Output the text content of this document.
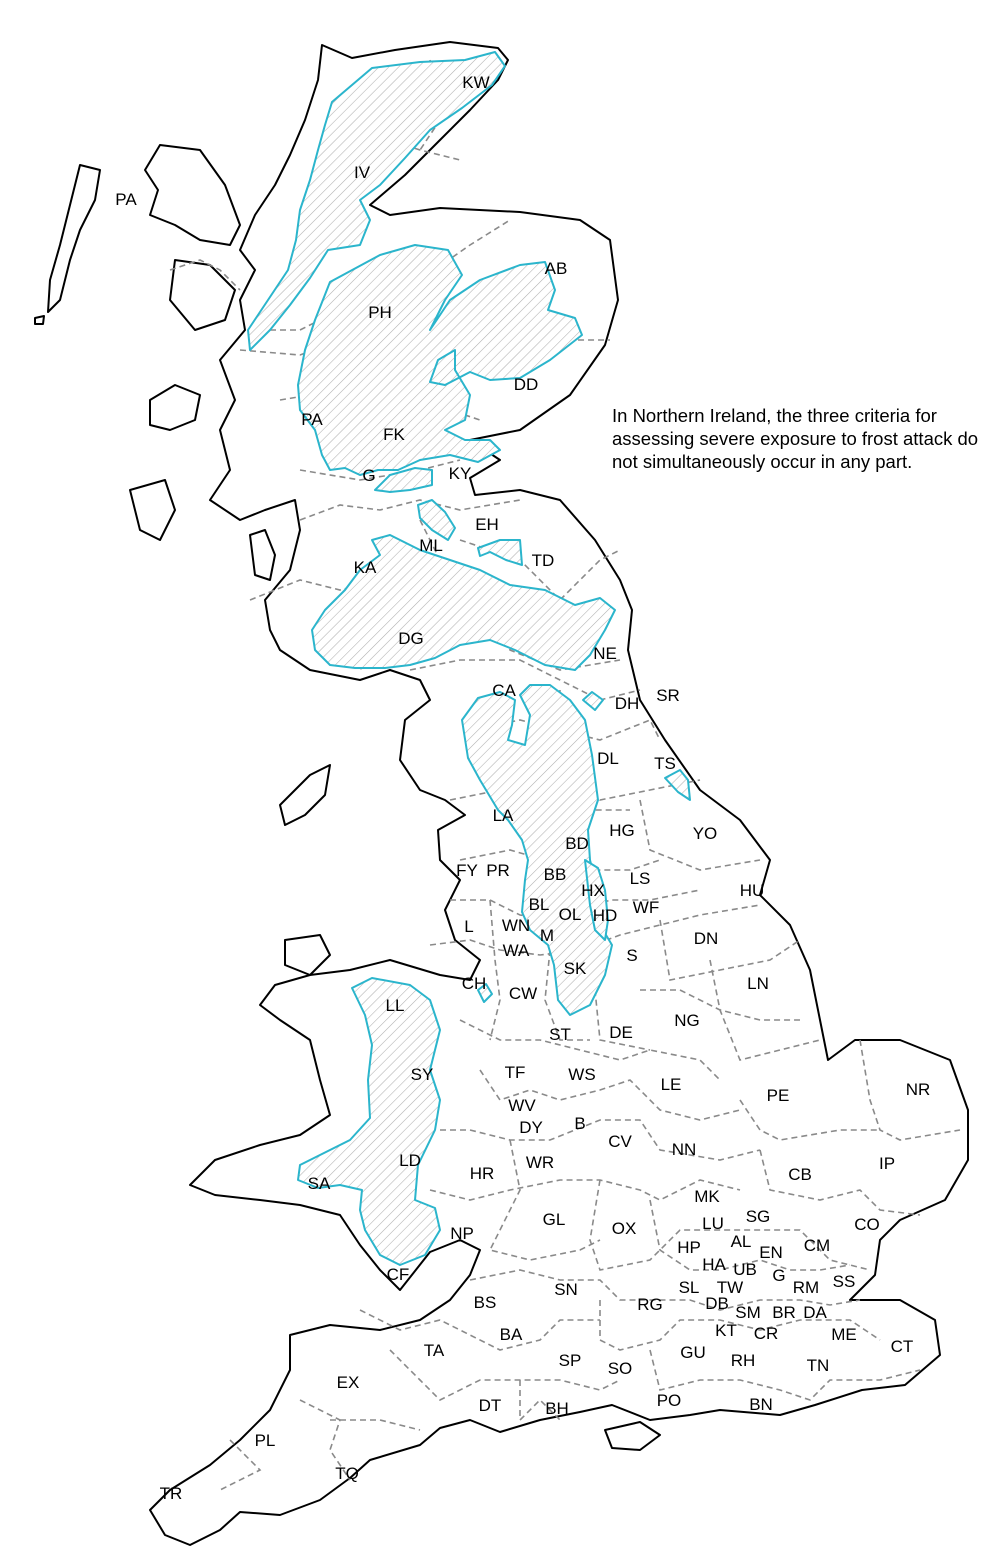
KW
IV
PA
AB
PH
DD
PA
FK
G	KY
EH
ML
TD
KA
DG
NE
CA	SR
DH
DL TS
LA
HG	YO
BD
FY PR BB	LS
HX	HU
BL	WF
OL HD
L WN
M	DN
WA	S
SK
CH
CW
LN
LL
NG
ST DE
SY	TF	WS
LE
PE	NR
WV
DY B
CV NN
LD	WR
HR	CB
IP
SA
MK
SG
GL	LU
OX
NP	CO
AL	CM
HP	EN
HA UB
CF	G
SL TW	RM SS
SN
BS	DB
RG	SM BR DA
KT CR	ME
BA
CT
TA	GU
SP	RH	TN
SO
EX
PO
DT	BH	BN
PL
TQ
TR
In Northern Ireland, the three criteria for assessing severe exposure to frost attack do not simultaneously occur in any part.
